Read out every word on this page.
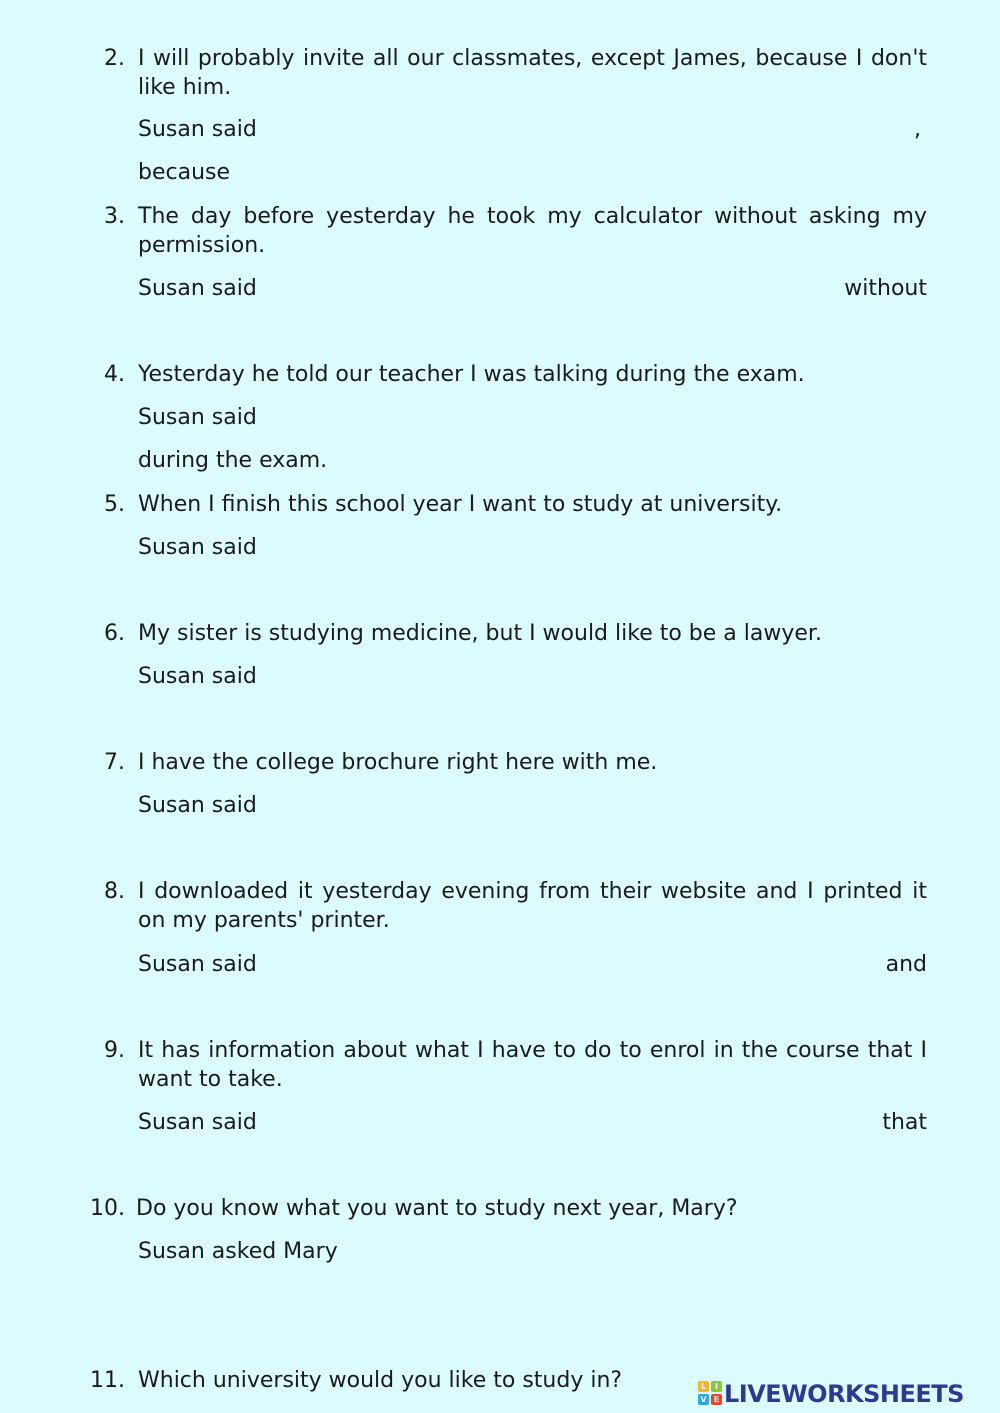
2. I will probably invite all our classmates, except James, because I don't like him.
Susan said	,
because
3. The day before yesterday he took my calculator without asking my permission.
Susan said	without
4. Yesterday he told our teacher I was talking during the exam.
Susan said
during the exam.
5. When I finish this school year I want to study at university.
Susan said
6. My sister is studying medicine, but I would like to be a lawyer.
Susan said
7. I have the college brochure right here with me.
Susan said
8. I downloaded it yesterday evening from their website and I printed it on my parents' printer.
Susan said	and
9. It has information about what I have to do to enrol in the course that I want to take.
Susan said	that
10. Do you know what you want to study next year, Mary?
Susan asked Mary
11. Which university would you like to study in?	L	I
V E LIVEWORKSHEETS
